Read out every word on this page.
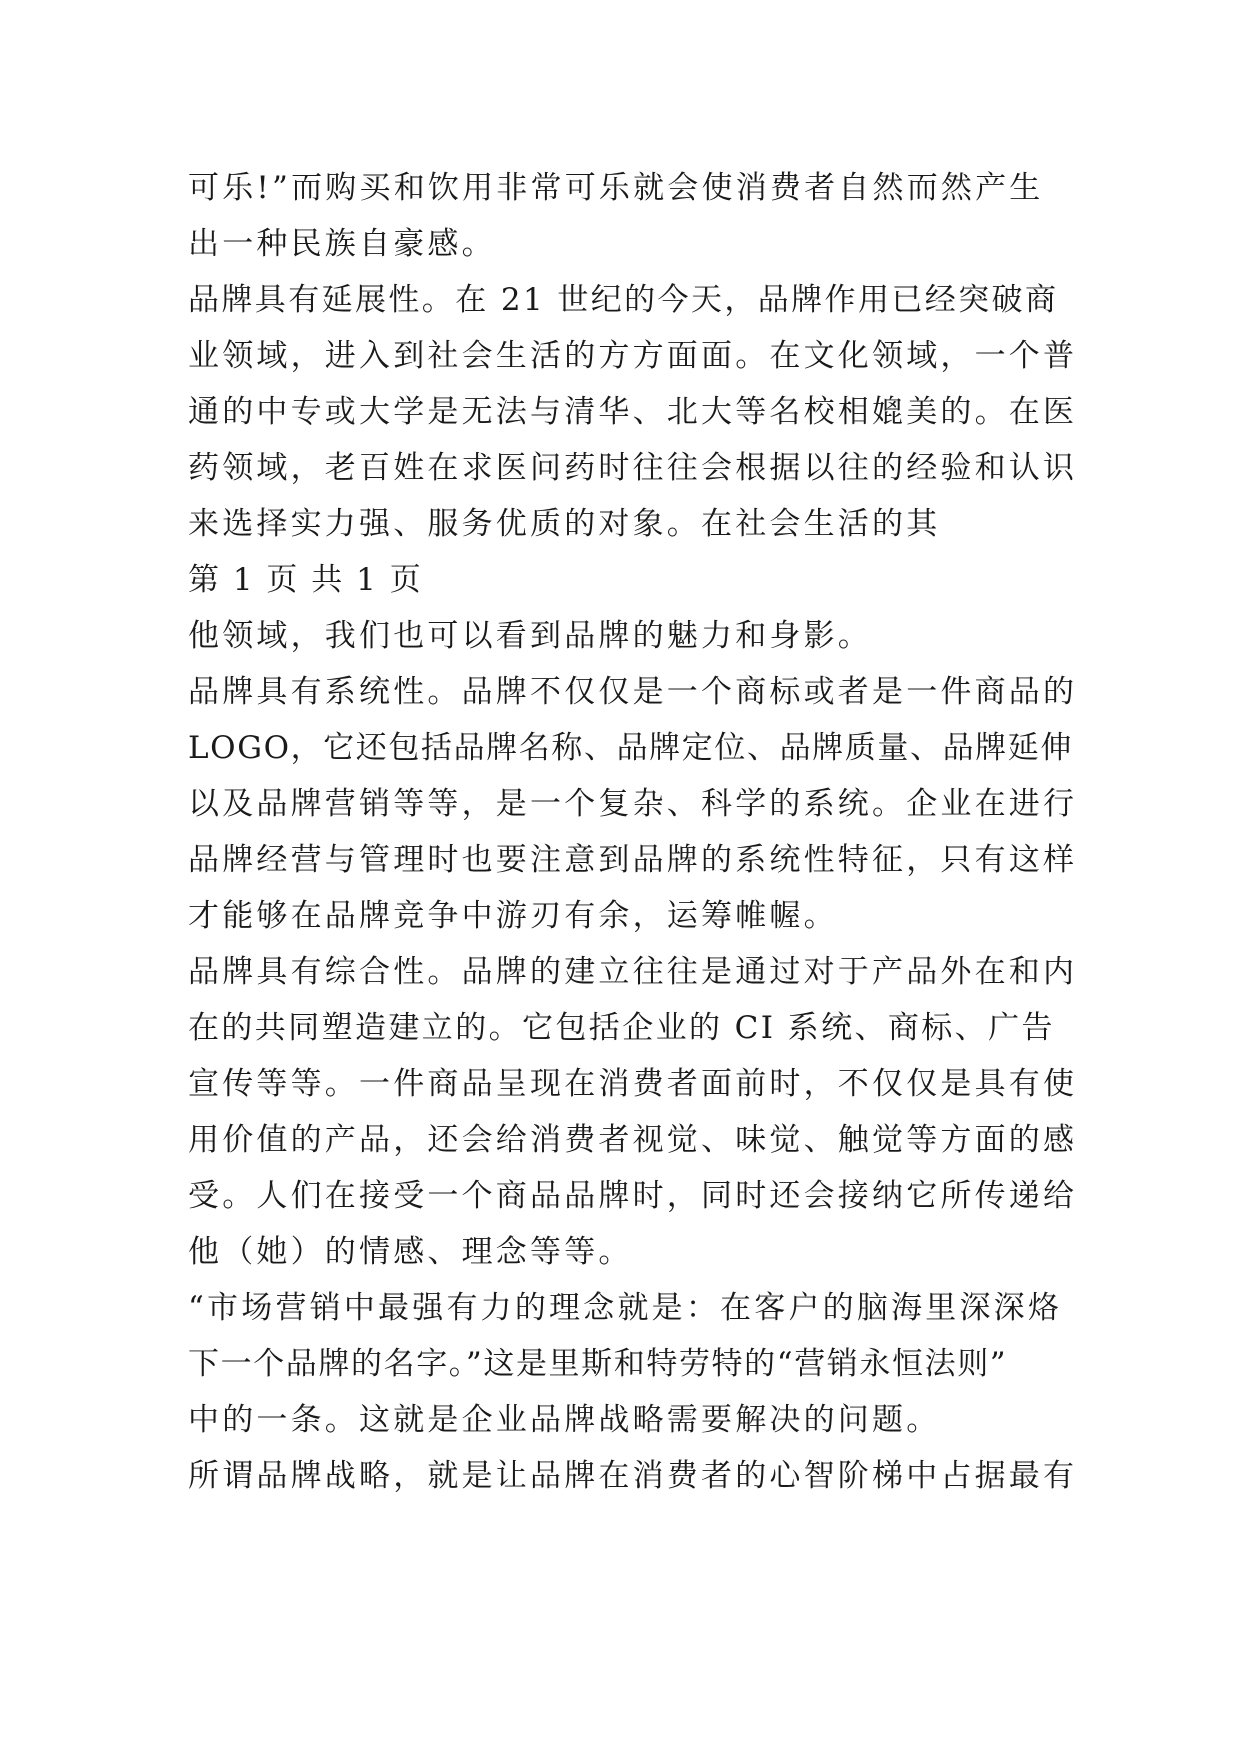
可乐!”而购买和饮用非常可乐就会使消费者自然而然产生
出一种民族自豪感。
品牌具有延展性。在 21 世纪的今天，品牌作用已经突破商
业领域，进入到社会生活的方方面面。在文化领域，一个普
通的中专或大学是无法与清华、北大等名校相媲美的。在医
药领域，老百姓在求医问药时往往会根据以往的经验和认识
来选择实力强、服务优质的对象。在社会生活的其
第 1 页 共 1 页
他领域，我们也可以看到品牌的魅力和身影。
品牌具有系统性。品牌不仅仅是一个商标或者是一件商品的
LOGO，它还包括品牌名称、品牌定位、品牌质量、品牌延伸
以及品牌营销等等，是一个复杂、科学的系统。企业在进行
品牌经营与管理时也要注意到品牌的系统性特征，只有这样
才能够在品牌竞争中游刃有余，运筹帷幄。
品牌具有综合性。品牌的建立往往是通过对于产品外在和内
在的共同塑造建立的。它包括企业的 CI 系统、商标、广告
宣传等等。一件商品呈现在消费者面前时，不仅仅是具有使
用价值的产品，还会给消费者视觉、味觉、触觉等方面的感
受。人们在接受一个商品品牌时，同时还会接纳它所传递给
他（她）的情感、理念等等。
“市场营销中最强有力的理念就是：在客户的脑海里深深烙
下一个品牌的名字。”这是里斯和特劳特的“营销永恒法则”
中的一条。这就是企业品牌战略需要解决的问题。
所谓品牌战略，就是让品牌在消费者的心智阶梯中占据最有
